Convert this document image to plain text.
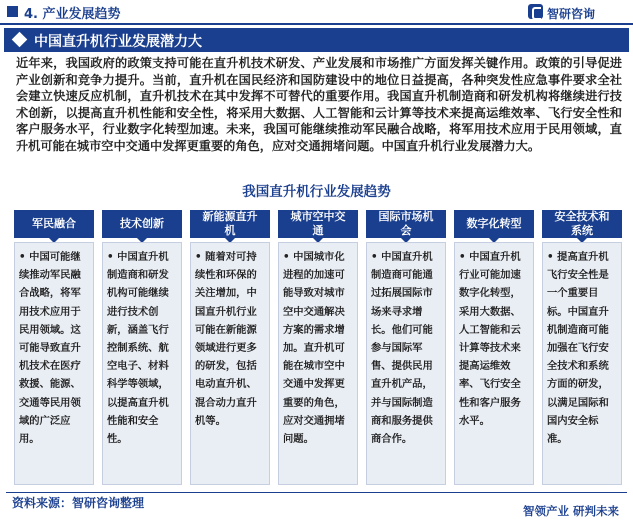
4. 产业发展趋势	智研咨询
中国直升机行业发展潜力大
近年来，我国政府的政策支持可能在直升机技术研发、产业发展和市场推广方面发挥关键作用。政策的引导促进产业创新和竞争力提升。当前，直升机在国民经济和国防建设中的地位日益提高，各种突发性应急事件要求全社会建立快速反应机制，直升机技术在其中发挥不可替代的重要作用。我国直升机制造商和研发机构将继续进行技术创新，以提高直升机性能和安全性，将采用大数据、人工智能和云计算等技术来提高运维效率、飞行安全性和客户服务水平，行业数字化转型加速。未来，我国可能继续推动军民融合战略，将军用技术应用于民用领域，直升机可能在城市空中交通中发挥更重要的角色，应对交通拥堵问题。中国直升机行业发展潜力大。
我国直升机行业发展趋势
军民融合

• 中国可能继续推动军民融合战略，将军用技术应用于民用领域。这可能导致直升机技术在医疗救援、能源、交通等民用领域的广泛应用。

技术创新

• 中国直升机制造商和研发机构可能继续进行技术创新，涵盖飞行控制系统、航空电子、材料科学等领域，以提高直升机性能和安全性。

新能源直升
机

• 随着对可持续性和环保的关注增加，中国直升机行业可能在新能源领域进行更多的研发，包括电动直升机、混合动力直升机等。

城市空中交
通

• 中国城市化进程的加速可能导致对城市空中交通解决方案的需求增加。直升机可能在城市空中交通中发挥更重要的角色，应对交通拥堵问题。

国际市场机
会

• 中国直升机制造商可能通过拓展国际市场来寻求增长。他们可能参与国际军售、提供民用直升机产品，并与国际制造商和服务提供商合作。

数字化转型

• 中国直升机行业可能加速数字化转型，采用大数据、人工智能和云计算等技术来提高运维效率、飞行安全性和客户服务水平。

安全技术和
系统

• 提高直升机飞行安全性是一个重要目标。中国直升机制造商可能加强在飞行安全技术和系统方面的研发，以满足国际和国内安全标准。

资料来源：智研咨询整理
智领产业 研判未来
